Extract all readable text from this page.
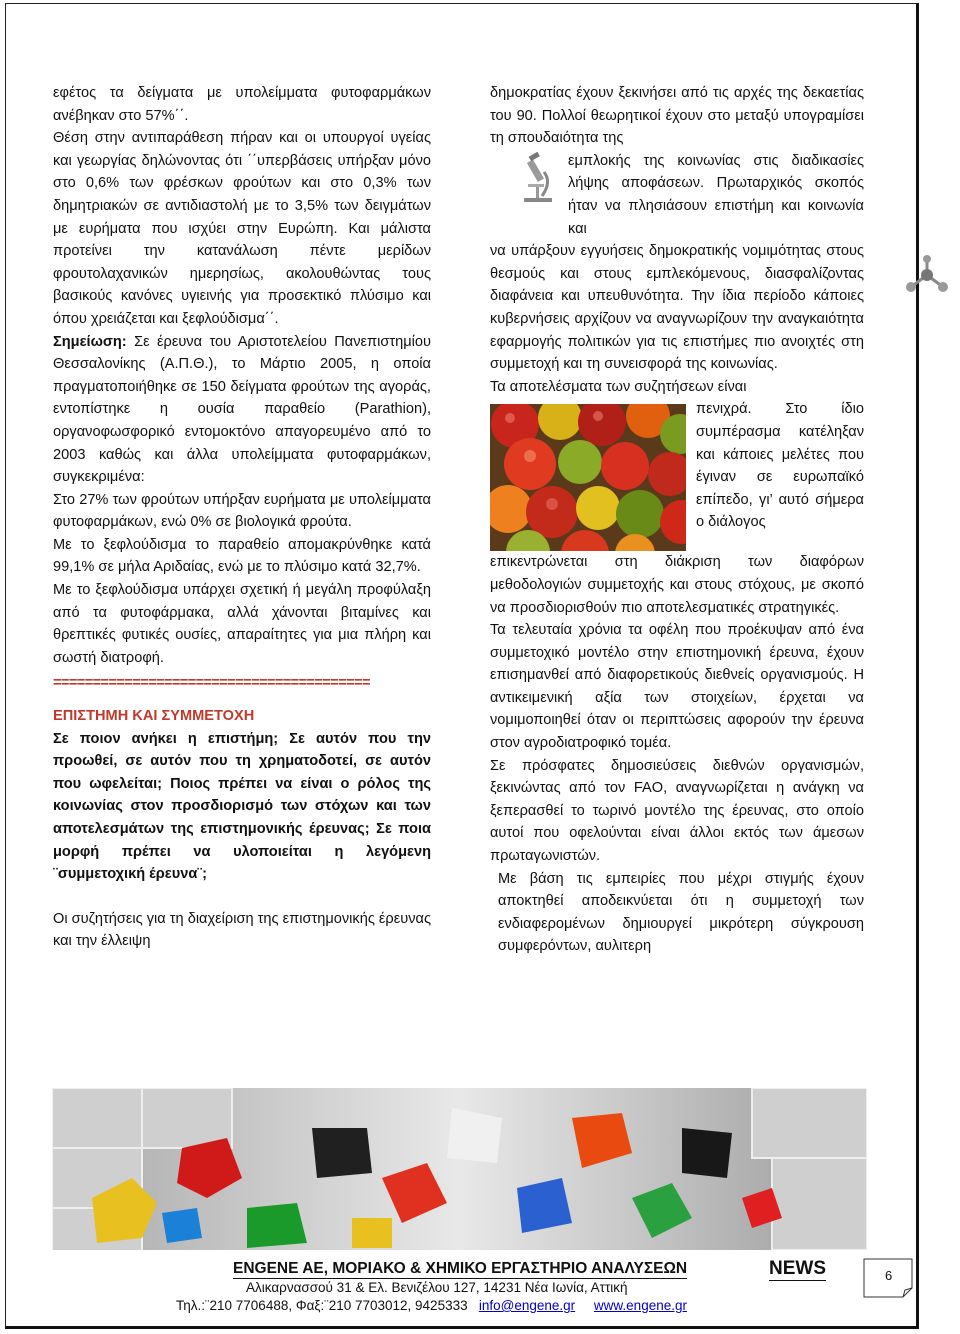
εφέτος τα δείγματα με υπολείμματα φυτοφαρμάκων ανέβηκαν στο 57%΄΄.

Θέση στην αντιπαράθεση πήραν και οι υπουργοί υγείας και γεωργίας δηλώνοντας ότι ΄΄υπερβάσεις υπήρξαν μόνο στο 0,6% των φρέσκων φρούτων και στο 0,3% των δημητριακών σε αντιδιαστολή με το 3,5% των δειγμάτων με ευρήματα που ισχύει στην Ευρώπη. Και μάλιστα προτείνει την κατανάλωση πέντε μερίδων φρουτολαχανικών ημερησίως, ακολουθώντας τους βασικούς κανόνες υγιεινής για προσεκτικό πλύσιμο και όπου χρειάζεται και ξεφλούδισμα΄΄.

Σημείωση: Σε έρευνα του Αριστοτελείου Πανεπιστημίου Θεσσαλονίκης (Α.Π.Θ.), το Μάρτιο 2005, η οποία πραγματοποιήθηκε σε 150 δείγματα φρούτων της αγοράς, εντοπίστηκε η ουσία παραθείο (Parathion), οργανοφωσφορικό εντομοκτόνο απαγορευμένο από το 2003 καθώς και άλλα υπολείμματα φυτοφαρμάκων, συγκεκριμένα:

Στο 27% των φρούτων υπήρξαν ευρήματα με υπολείμματα φυτοφαρμάκων, ενώ 0% σε βιολογικά φρούτα.

Με το ξεφλούδισμα το παραθείο απομακρύνθηκε κατά 99,1% σε μήλα Αριδαίας, ενώ με το πλύσιμο κατά 32,7%.

Με το ξεφλούδισμα υπάρχει σχετική ή μεγάλη προφύλαξη από τα φυτοφάρμακα, αλλά χάνονται βιταμίνες και θρεπτικές φυτικές ουσίες, απαραίτητες για μια πλήρη και σωστή διατροφή.

========================================

ΕΠΙΣΤΗΜΗ ΚΑΙ ΣΥΜΜΕΤΟΧΗ

Σε ποιον ανήκει η επιστήμη; Σε αυτόν που την προωθεί, σε αυτόν που τη χρηματοδοτεί, σε αυτόν που ωφελείται; Ποιος πρέπει να είναι ο ρόλος της κοινωνίας στον προσδιορισμό των στόχων και των αποτελεσμάτων της επιστημονικής έρευνας; Σε ποια μορφή πρέπει να υλοποιείται η λεγόμενη ¨συμμετοχική έρευνα¨;

Οι συζητήσεις για τη διαχείριση της επιστημονικής έρευνας και την έλλειψη

δημοκρατίας έχουν ξεκινήσει από τις αρχές της δεκαετίας του 90. Πολλοί θεωρητικοί έχουν στο μεταξύ υπογραμίσει τη σπουδαιότητα της

εμπλοκής της κοινωνίας στις διαδικασίες λήψης αποφάσεων. Πρωταρχικός σκοπός ήταν να πλησιάσουν επιστήμη και κοινωνία και

να υπάρξουν εγγυήσεις δημοκρατικής νομιμότητας στους θεσμούς και στους εμπλεκόμενους, διασφαλίζοντας διαφάνεια και υπευθυνότητα. Την ίδια περίοδο κάποιες κυβερνήσεις αρχίζουν να αναγνωρίζουν την αναγκαιότητα εφαρμογής πολιτικών για τις επιστήμες πιο ανοιχτές στη συμμετοχή και τη συνεισφορά της κοινωνίας.

Τα αποτελέσματα των συζητήσεων είναι

πενιχρά. Στο ίδιο συμπέρασμα κατέληξαν και κάποιες μελέτες που έγιναν σε ευρωπαϊκό επίπεδο, γι’ αυτό σήμερα ο διάλογος

επικεντρώνεται στη διάκριση των διαφόρων μεθοδολογιών συμμετοχής και στους στόχους, με σκοπό να προσδιορισθούν πιο αποτελεσματικές στρατηγικές.

Τα τελευταία χρόνια τα οφέλη που προέκυψαν από ένα συμμετοχικό μοντέλο στην επιστημονική έρευνα, έχουν επισημανθεί από διαφορετικούς διεθνείς οργανισμούς. Η αντικειμενική αξία των στοιχείων, έρχεται να νομιμοποιηθεί όταν οι περιπτώσεις αφορούν την έρευνα στον αγροδιατροφικό τομέα.

Σε πρόσφατες δημοσιεύσεις διεθνών οργανισμών, ξεκινώντας από τον FAO, αναγνωρίζεται η ανάγκη να ξεπερασθεί το τωρινό μοντέλο της έρευνας, στο οποίο αυτοί που οφελούνται είναι άλλοι εκτός των άμεσων πρωταγωνιστών.

Με βάση τις εμπειρίες που μέχρι στιγμής έχουν αποκτηθεί αποδεικνύεται ότι η συμμετοχή των ενδιαφερομένων δημιουργεί μικρότερη σύγκρουση συμφερόντων, αυλιτερη

ENGENE AE, ΜΟΡΙΑΚΟ & ΧΗΜΙΚΟ ΕΡΓΑΣΤΗΡΙΟ ΑΝΑΛΥΣΕΩΝ	NEWS
Αλικαρνασσού 31 & Ελ. Βενιζέλου 127, 14231 Νέα Ιωνία, Αττική
Τηλ.:¨210 7706488, Φαξ:¨210 7703012, 9425333 info@engene.gr www.engene.gr
6
